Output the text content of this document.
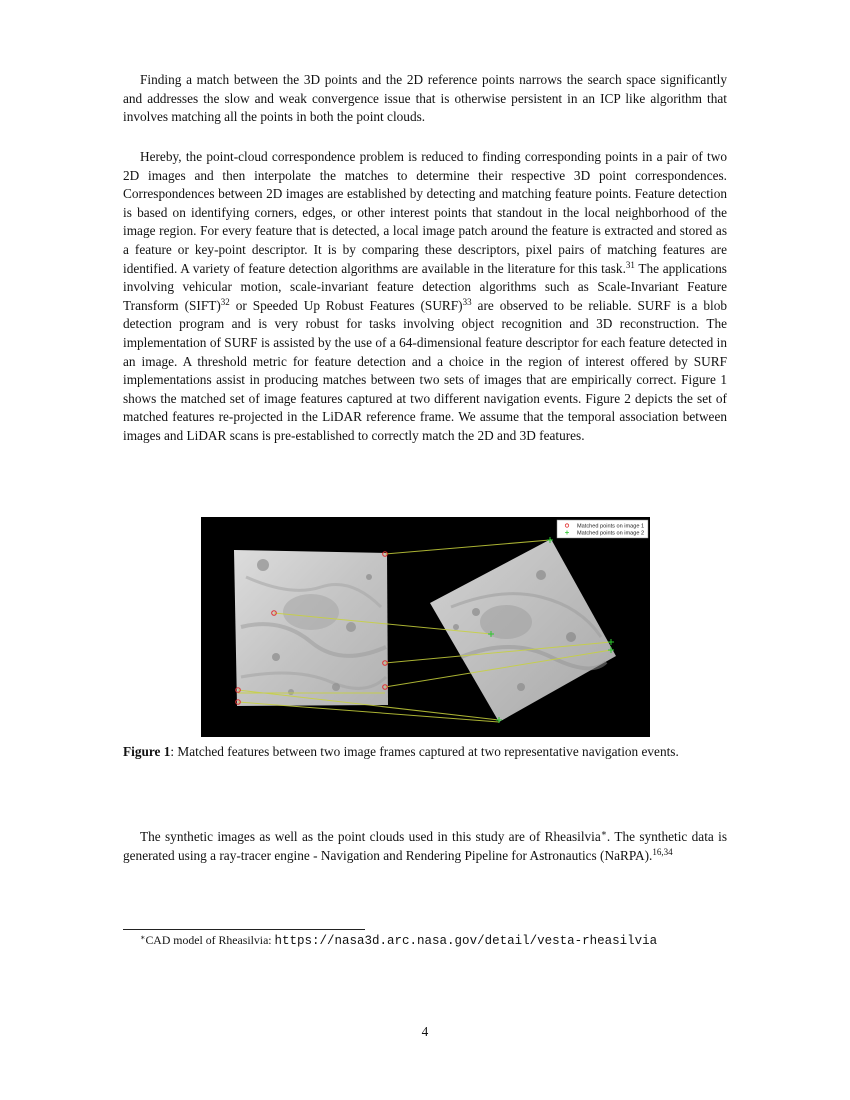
Finding a match between the 3D points and the 2D reference points narrows the search space significantly and addresses the slow and weak convergence issue that is otherwise persistent in an ICP like algorithm that involves matching all the points in both the point clouds.

Hereby, the point-cloud correspondence problem is reduced to finding corresponding points in a pair of two 2D images and then interpolate the matches to determine their respective 3D point correspondences. Correspondences between 2D images are established by detecting and matching feature points. Feature detection is based on identifying corners, edges, or other interest points that standout in the local neighborhood of the image region. For every feature that is detected, a local image patch around the feature is extracted and stored as a feature or key-point descriptor. It is by comparing these descriptors, pixel pairs of matching features are identified. A variety of feature detection algorithms are available in the literature for this task.$^{31}$ The applications involving vehicular motion, scale-invariant feature detection algorithms such as Scale-Invariant Feature Transform (SIFT)$^{32}$ or Speeded Up Robust Features (SURF)$^{33}$ are observed to be reliable. SURF is a blob detection program and is very robust for tasks involving object recognition and 3D reconstruction. The implementation of SURF is assisted by the use of a 64-dimensional feature descriptor for each feature detected in an image. A threshold metric for feature detection and a choice in the region of interest offered by SURF implementations assist in producing matches between two sets of images that are empirically correct. Figure 1 shows the matched set of image features captured at two different navigation events. Figure 2 depicts the set of matched features re-projected in the LiDAR reference frame. We assume that the temporal association between images and LiDAR scans is pre-established to correctly match the 2D and 3D features.

Matched points on image 1
Matched points on image 2

Figure 1: Matched features between two image frames captured at two representative navigation events.

The synthetic images as well as the point clouds used in this study are of Rheasilvia∗. The synthetic data is generated using a ray-tracer engine - Navigation and Rendering Pipeline for Astronautics (NaRPA).$^{16,34}$

∗CAD model of Rheasilvia: https://nasa3d.arc.nasa.gov/detail/vesta-rheasilvia

4
